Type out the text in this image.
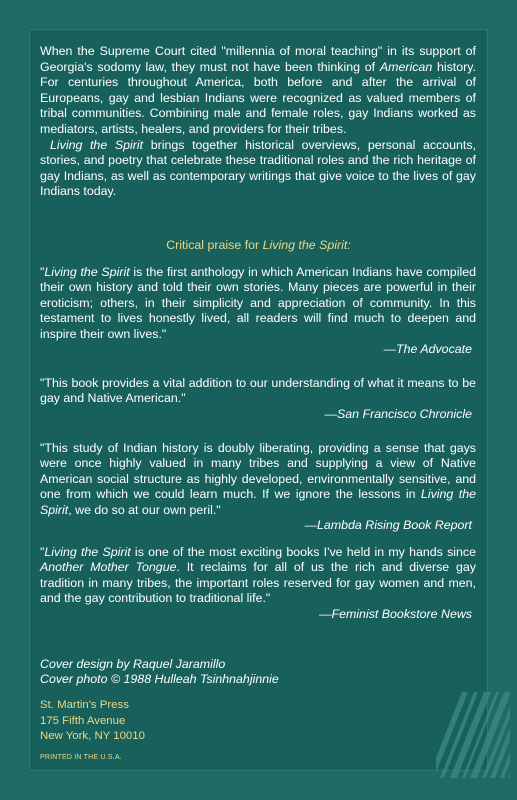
When the Supreme Court cited "millennia of moral teaching" in its support of Georgia's sodomy law, they must not have been thinking of American history. For centuries throughout America, both before and after the arrival of Europeans, gay and lesbian Indians were recognized as valued members of tribal communities. Combining male and female roles, gay Indians worked as mediators, artists, healers, and providers for their tribes.

Living the Spirit brings together historical overviews, personal accounts, stories, and poetry that celebrate these traditional roles and the rich heritage of gay Indians, as well as contemporary writings that give voice to the lives of gay Indians today.

Critical praise for Living the Spirit:

"Living the Spirit is the first anthology in which American Indians have compiled their own history and told their own stories. Many pieces are powerful in their eroticism; others, in their simplicity and appreciation of community. In this testament to lives honestly lived, all readers will find much to deepen and inspire their own lives."

—The Advocate

"This book provides a vital addition to our understanding of what it means to be gay and Native American."

—San Francisco Chronicle

"This study of Indian history is doubly liberating, providing a sense that gays were once highly valued in many tribes and supplying a view of Native American social structure as highly developed, environmentally sensitive, and one from which we could learn much. If we ignore the lessons in Living the Spirit, we do so at our own peril."

—Lambda Rising Book Report

"Living the Spirit is one of the most exciting books I've held in my hands since Another Mother Tongue. It reclaims for all of us the rich and diverse gay tradition in many tribes, the important roles reserved for gay women and men, and the gay contribution to traditional life."

—Feminist Bookstore News

Cover design by Raquel Jaramillo
Cover photo © 1988 Hulleah Tsinhnahjinnie
St. Martin's Press
175 Fifth Avenue
New York, NY 10010
PRINTED IN THE U.S.A.
